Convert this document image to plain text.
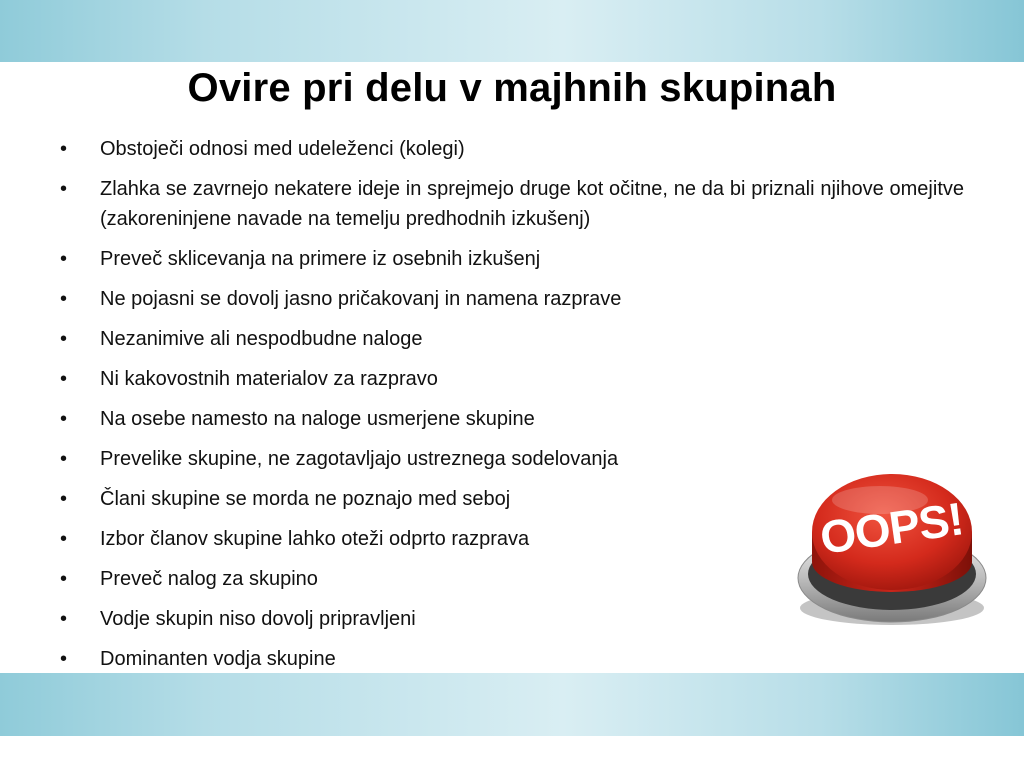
Ovire pri delu v majhnih skupinah
•	Obstoječi odnosi med udeleženci (kolegi)
•	Zlahka se zavrnejo nekatere ideje in sprejmejo druge kot očitne, ne da bi priznali njihove omejitve (zakoreninjene navade na temelju predhodnih izkušenj)
•	Preveč sklicevanja na primere iz osebnih izkušenj
•	Ne pojasni se dovolj jasno pričakovanj in namena razprave
•	Nezanimive ali nespodbudne naloge
•	Ni kakovostnih materialov za razpravo
•	Na osebe namesto na naloge usmerjene skupine
•	Prevelike skupine, ne zagotavljajo ustreznega sodelovanja
•	Člani skupine se morda ne poznajo med seboj
•	Izbor članov skupine lahko oteži odprto razprava
•	Preveč nalog za skupino
•	Vodje skupin niso dovolj pripravljeni
•	Dominanten vodja skupine
OOPS!
